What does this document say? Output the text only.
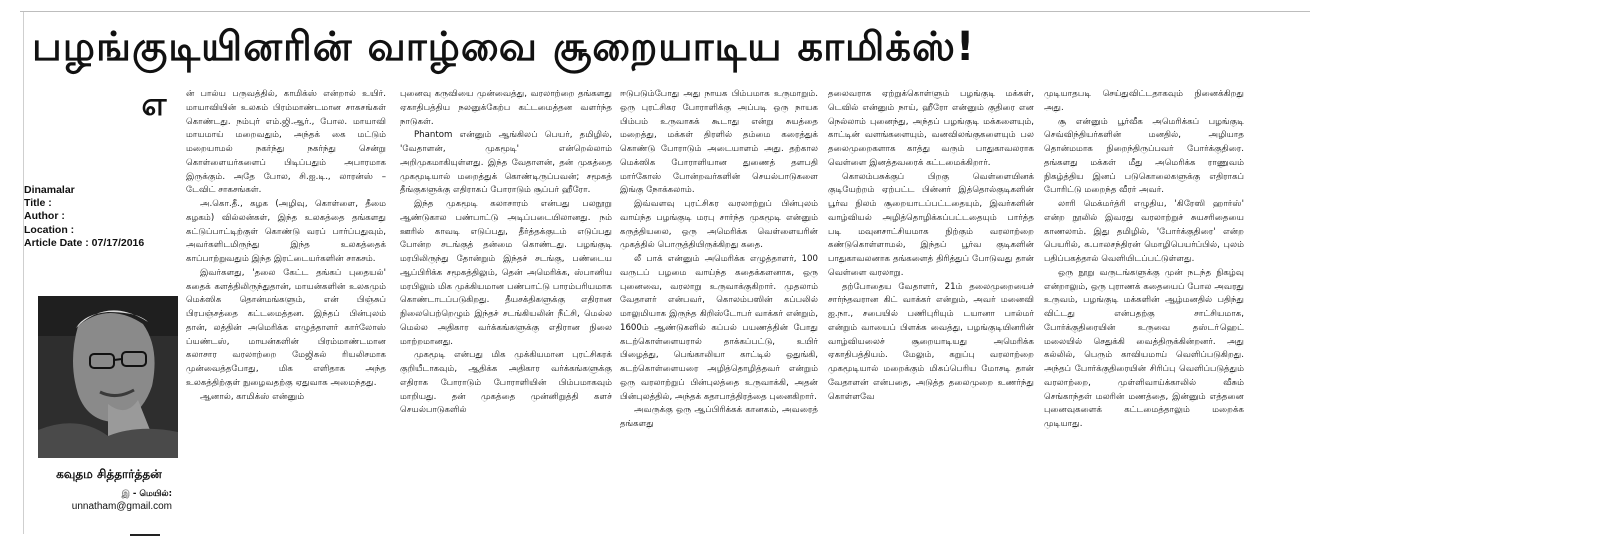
பழங்குடியினரின் வாழ்வை சூறையாடிய காமிக்ஸ்!
எ
Dinamalar
Title :
Author :
Location :
Article Date : 07/17/2016
கவுதம சித்தார்த்தன்
இ - மெயில்:
unnatham@gmail.com
ன் பால்ய பருவத்தில், காமிக்ஸ் என்றால் உயிர். மாயாவியின் உலகம் பிரம்மாண்டமான சாகசங்கள் கொண்டது. நம்புர் எம்.ஜி.ஆர்., போல. மாயாவி மாயமாய் மறைவதும், அந்தக் கை மட்டும் மறையாமல் நகர்ந்து நகர்ந்து சென்று கொள்ளையர்களைப் பிடிப்பதும் அபாரமாக இருக்கும். அதே போல, சி.ஐ.டி., லாரன்ஸ் – டேவிட் சாகசங்கள்.
அ.கொ.தீ., கழக (அழிவு, கொள்ளை, தீமை கழகம்) வில்லன்கள், இந்த உலகத்தை தங்களது கட்டுப்பாட்டிற்குள் கொண்டு வரப் பார்ப்பதுவும், அவர்களிடமிருந்து இந்த உலகத்தைக் காப்பாற்றுவதும் இந்த இரட்டையர்களின் சாகசம்.
இவர்களது, 'தலை கேட்ட தங்கப் புதையல்' கதைக் களத்திலிருந்துதான், மாயன்களின் உலகமும் மெக்ஸிக தொன்மங்களும், என் பிஞ்சுப் பிரபஞ்சத்தை கட்டமைத்தன. இந்தப் பின்புலம் தான், லத்தின் அமெரிக்க எழுத்தாளர் கார்லோஸ் ப்யண்டஸ், மாயன்களின் பிரம்மாண்டமான கலாசார வரலாற்றை மேஜிகல் ரியலிசமாக முன்வைத்தபோது, மிக எளிதாக அந்த உலகத்திற்குள் நுழைவதற்கு ஏதுவாக அமைந்தது.
ஆனால், காமிக்ஸ் என்னும்
புனைவு கருவியை முன்வைத்து, வரலாற்றை தங்களது ஏகாதிபத்திய நலனுக்கேற்ப கட்டமைத்தன வளர்ந்த நாடுகள்.
Phantom என்னும் ஆங்கிலப் பெயர், தமிழில், 'வேதாளன், முகமூடி' என்றெல்லாம் அறிமுகமாகியுள்ளது. இந்த வேதாளன், தன் முகத்தை முகமூடியால் மறைத்துக் கொண்டிருப்பவன்; சமூகத் தீங்குகளுக்கு எதிராகப் போராடும் சூப்பர் ஹீரோ.
இந்த முகமூடி கலாசாரம் என்பது பலநூறு ஆண்டுகால பண்பாட்டு அடிப்படையிலானது. நம் ஊரில் காவடி எடுப்பது, தீர்த்தக்குடம் எடுப்பது போன்ற சடங்குத் தன்மை கொண்டது. பழங்குடி மரபிலிருந்து தோன்றும் இந்தச் சடங்கு, பண்டைய ஆப்பிரிக்க சமூகத்திலும், தென் அமெரிக்க, ஸ்பானிய மரபிலும் மிக முக்கியமான பண்பாட்டு பாரம்பரியமாக கொண்டாடப்படுகிறது. தீயசக்திகளுக்கு எதிரான நிலைபெற்றெழும் இந்தச் சடங்கியலின் நீட்சி, மெல்ல மெல்ல அதிகார வர்க்கங்களுக்கு எதிரான நிலை மாற்றமானது.
முகமூடி என்பது மிக முக்கியமான புரட்சிகரக் குறியீடாகவும், ஆதிக்க அதிகார வர்க்கங்களுக்கு எதிராக போராடும் போராளியின் பிம்பமாகவும் மாறியது. தன் முகத்தை முன்னிறுத்தி களச் செயல்பாடுகளில்
ஈடுபடும்போது அது நாயக பிம்பமாக உருமாறும். ஒரு புரட்சிகர போராளிக்கு அப்படி ஒரு நாயக பிம்பம் உருவாகக் கூடாது என்று சுயத்தை மறைத்து, மக்கள் திரளில் தம்மை கரைத்துக் கொண்டு போராடும் அடையாளம் அது. தற்கால மெக்ஸிக போராளியான துணைத் தளபதி மார்கோஸ் போன்றவர்களின் செயல்பாடுகளை இங்கு நோக்கலாம்.
இவ்வளவு புரட்சிகர வரலாற்றுப் பின்புலம் வாய்ந்த பழங்குடி மரபு சார்ந்த முகமூடி என்னும் கருத்தியலை, ஒரு அமெரிக்க வெள்ளையரின் முகத்தில் பொருத்தியிருக்கிறது கதை.
லீ பாக் என்னும் அமெரிக்க எழுத்தாளர், 100 வருடப் பழமை வாய்ந்த கதைக்களனாக, ஒரு புனைவை, வரலாறு உருவாக்குகிறார். முதலாம் வேதாளர் என்பவர், கொலம்பஸின் கப்பலில் மாலுமியாக இருந்த கிறிஸ்டோபர் வாக்கர் என்றும், 1600ம் ஆண்டுகளில் கப்பல் பயணத்தின் போது கடற்கொள்ளையரால் தாக்கப்பட்டு, உயிர் பிழைத்து, பெங்காலியா காட்டில் ஒதுங்கி, கடற்கொள்ளையரை அழித்தொழித்தவர் என்றும் ஒரு வரலாற்றுப் பின்புலத்தை உருவாக்கி, அதன் பின்புலத்தில், அந்தக் கதாபாத்திரத்தை புனைகிறார்.
அவருக்கு ஒரு ஆப்பிரிக்கக் கானகம், அவரைத் தங்களது
தலைவராக ஏற்றுக்கொள்ளும் பழங்குடி மக்கள், டெவில் என்னும் நாய், ஹீரோ என்னும் குதிரை என நெல்லாம் புனைந்து, அந்தப் பழங்குடி மக்களையும், காட்டின் வளங்களையும், வனவிலங்குகளையும் பல தலைமுறைகளாக காத்து வரும் பாதுகாவலராக வெள்ளை இனத்தவரைக் கட்டமைக்கிறார்.
கொலம்பசுக்குப் பிறகு வெள்ளையினக் குடியேற்றம் ஏற்பட்ட பின்னர் இத்தொல்குடிகளின் பூர்வ நிலம் சூறையாடப்பட்டதையும், இவர்களின் வாழ்வியல் அழித்தொழிக்கப்பட்டதையும் பார்த்த படி மவுனசாட்சியமாக நிற்கும் வரலாற்றை கண்டுகொள்ளாமல், இந்தப் பூர்வ குடிகளின் பாதுகாவலனாக தங்களைத் திரித்துப் போடுவது தான் வெள்ளை வரலாறு.
தற்போதைய வேதாளர், 21ம் தலைமுறையைச் சார்ந்தவரான கிட் வாக்கர் என்றும், அவர் மனைவி ஐ.நா., சபையில் பணிபுரியும் டயானா பால்மர் என்றும் வாயைப் பிளக்க வைத்து, பழங்குடியினரின் வாழ்வியலைச் சூறையாடியது அமெரிக்க ஏகாதிபத்தியம். மேலும், கறுப்பு வரலாற்றை முகமூடியால் மறைக்கும் மிகப்பெரிய மோசடி தான் வேதாளன் என்பதை, அடுத்த தலைமுறை உணர்ந்து கொள்ளவே
முடியாதபடி செய்துவிட்டதாகவும் நினைக்கிறது அது.
சூ என்னும் பூர்வீக அமெரிக்கப் பழங்குடி செவ்விந்தியர்களின் மனதில், அழியாத தொன்மமாக நிறைந்திருப்பவர் போர்க்குதிரை. தங்களது மக்கள் மீது அமெரிக்க ராணுவம் நிகழ்த்திய இனப் படுகொலைகளுக்கு எதிராகப் போரிட்டு மறைந்த வீரர் அவர்.
லாரி மெக்மர்த்ரி எழுதிய, 'கிரேஸி ஹார்ஸ்' என்ற நூலில் இவரது வரலாற்றுச் சுயசரிதையை காணலாம். இது தமிழில், 'போர்க்குதிரை' என்ற பெயரில், க.பாலசந்திரன் மொழிபெயர்ப்பில், புலம் பதிப்பகத்தால் வெளியிடப்பட்டுள்ளது.
ஒரு நூறு வருடங்களுக்கு முன் நடந்த நிகழ்வு என்றாலும், ஒரு புராணக் கதையைப் போல அவரது உருவம், பழங்குடி மக்களின் ஆழ்மனதில் பதிந்து விட்டது என்பதற்கு சாட்சியமாக, போர்க்குதிரையின் உருவை தஸ்டா்ஹெட் மலையில் செதுக்கி வைத்திருக்கின்றனர். அது கல்லில், பெரும் காவியமாய் வெளிப்படுகிறது. அந்தப் போர்க்குதிரையின் சிரிப்பு வெளிப்படுத்தும் வரலாற்றை, முள்ளிவாய்க்காலில் வீசும் செங்காந்தள் மலரின் மணத்தை, இன்னும் எத்தனை புனைவுகளைக் கட்டமைத்தாலும் மறைக்க முடியாது.
